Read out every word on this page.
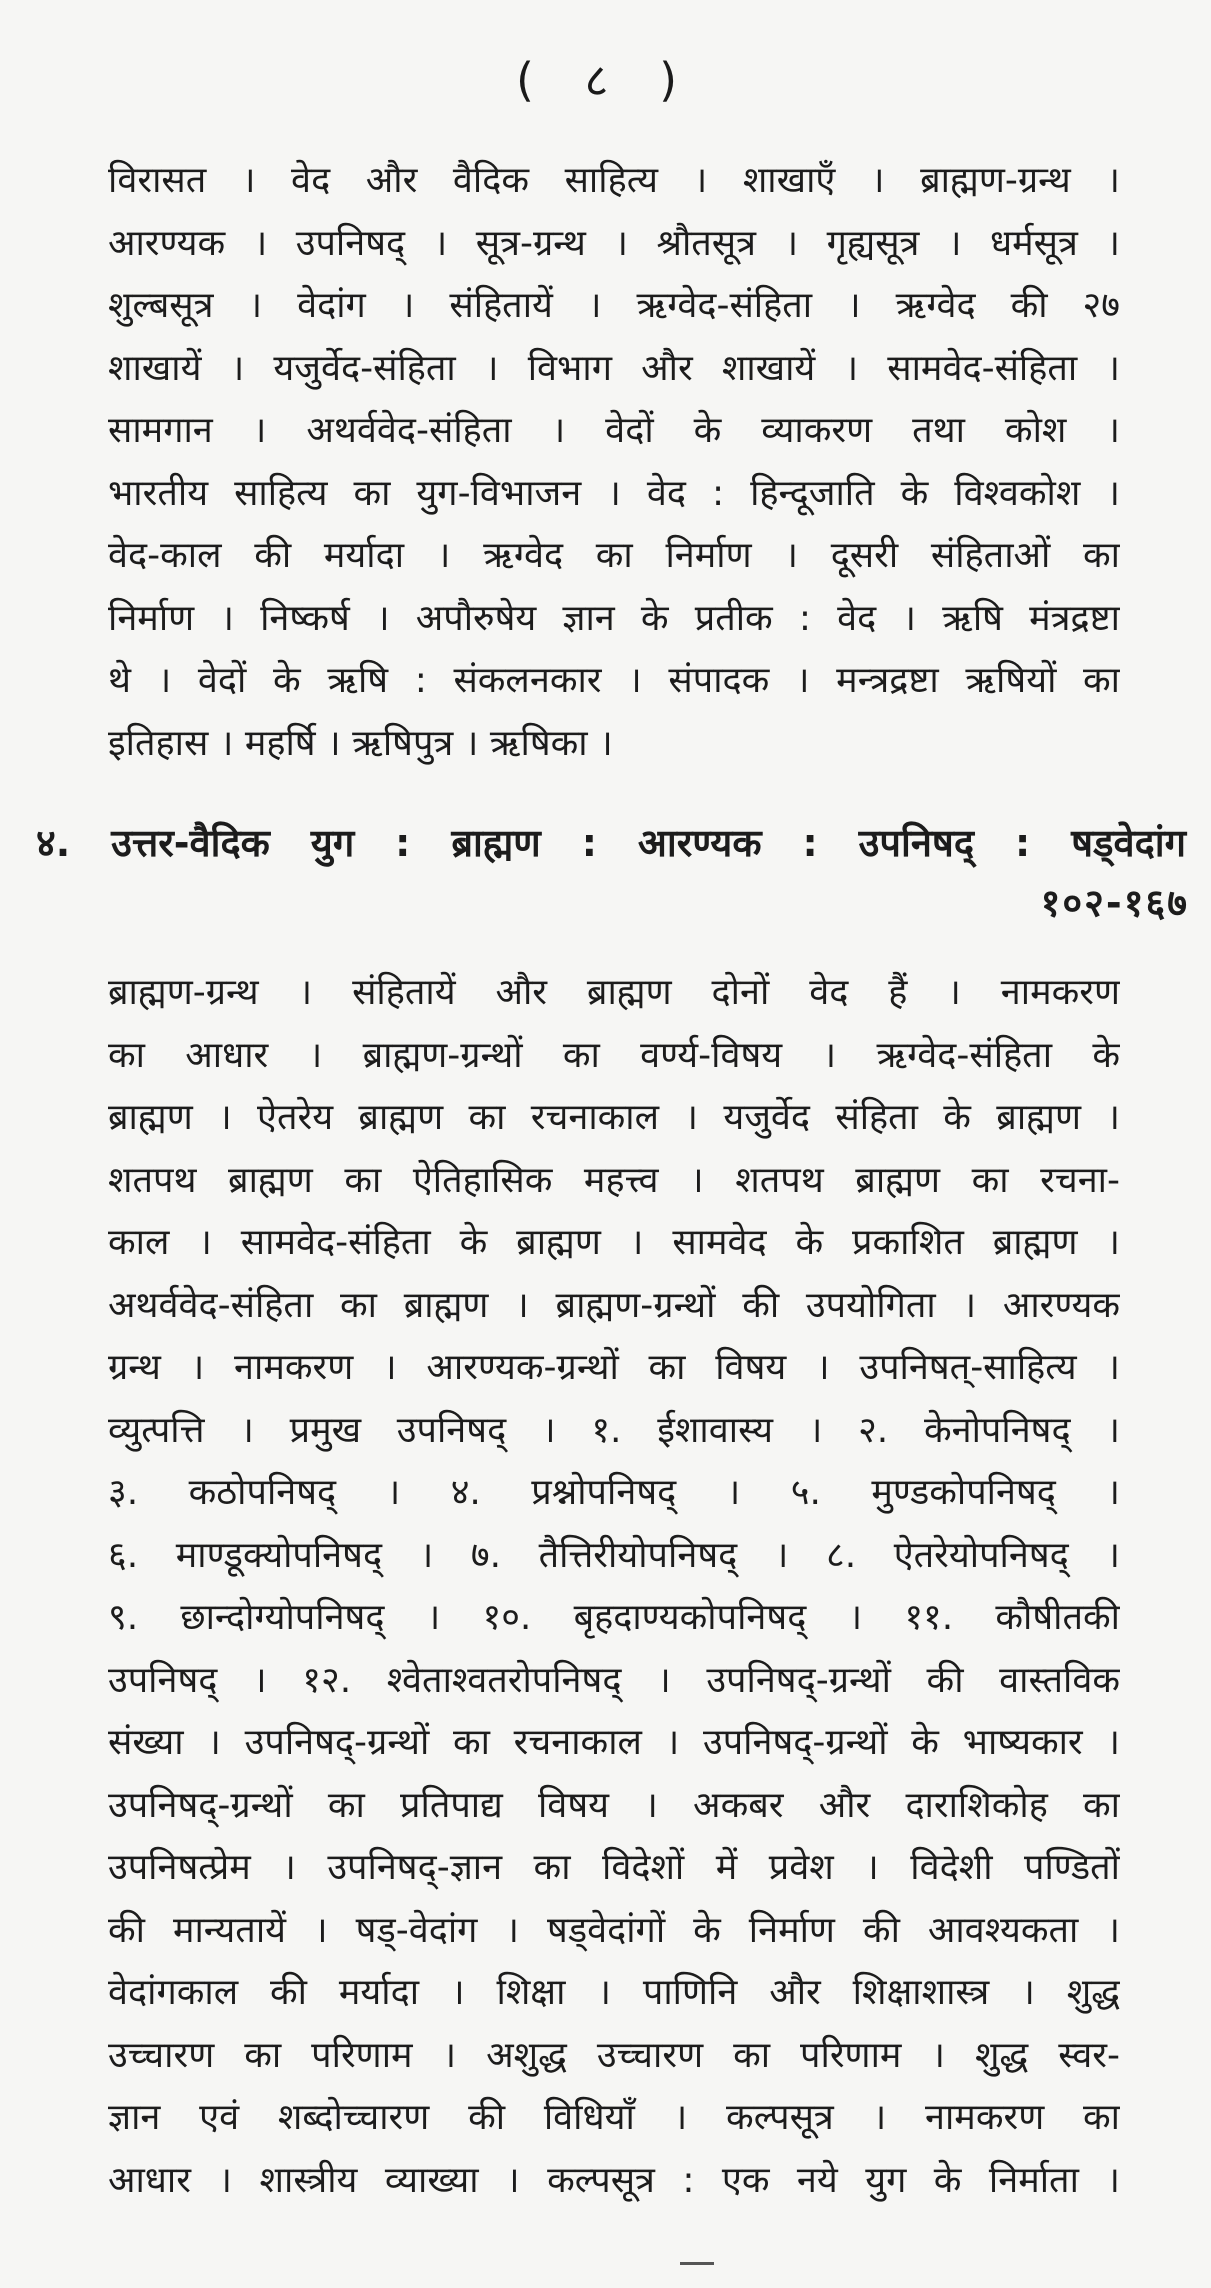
( ८ )
विरासत । वेद और वैदिक साहित्य । शाखाएँ । ब्राह्मण-ग्रन्थ ।
आरण्यक । उपनिषद् । सूत्र-ग्रन्थ । श्रौतसूत्र । गृह्यसूत्र । धर्मसूत्र ।
शुल्बसूत्र । वेदांग । संहितायें । ऋग्वेद-संहिता । ऋग्वेद की २७
शाखायें । यजुर्वेद-संहिता । विभाग और शाखायें । सामवेद-संहिता ।
सामगान । अथर्ववेद-संहिता । वेदों के व्याकरण तथा कोश ।
भारतीय साहित्य का युग-विभाजन । वेद : हिन्दूजाति के विश्वकोश ।
वेद-काल की मर्यादा । ऋग्वेद का निर्माण । दूसरी संहिताओं का
निर्माण । निष्कर्ष । अपौरुषेय ज्ञान के प्रतीक : वेद । ऋषि मंत्रद्रष्टा
थे । वेदों के ऋषि : संकलनकार । संपादक । मन्त्रद्रष्टा ऋषियों का
इतिहास । महर्षि । ऋषिपुत्र । ऋषिका ।
४. उत्तर-वैदिक युग : ब्राह्मण : आरण्यक : उपनिषद् : षड्वेदांग
१०२-१६७
ब्राह्मण-ग्रन्थ । संहितायें और ब्राह्मण दोनों वेद हैं । नामकरण
का आधार । ब्राह्मण-ग्रन्थों का वर्ण्य-विषय । ऋग्वेद-संहिता के
ब्राह्मण । ऐतरेय ब्राह्मण का रचनाकाल । यजुर्वेद संहिता के ब्राह्मण ।
शतपथ ब्राह्मण का ऐतिहासिक महत्त्व । शतपथ ब्राह्मण का रचना-
काल । सामवेद-संहिता के ब्राह्मण । सामवेद के प्रकाशित ब्राह्मण ।
अथर्ववेद-संहिता का ब्राह्मण । ब्राह्मण-ग्रन्थों की उपयोगिता । आरण्यक
ग्रन्थ । नामकरण । आरण्यक-ग्रन्थों का विषय । उपनिषत्-साहित्य ।
व्युत्पत्ति । प्रमुख उपनिषद् । १. ईशावास्य । २. केनोपनिषद् ।
३. कठोपनिषद् । ४. प्रश्नोपनिषद् । ५. मुण्डकोपनिषद् ।
६. माण्डूक्योपनिषद् । ७. तैत्तिरीयोपनिषद् । ८. ऐतरेयोपनिषद् ।
९. छान्दोग्योपनिषद् । १०. बृहदाण्यकोपनिषद् । ११. कौषीतकी
उपनिषद् । १२. श्वेताश्वतरोपनिषद् । उपनिषद्-ग्रन्थों की वास्तविक
संख्या । उपनिषद्-ग्रन्थों का रचनाकाल । उपनिषद्-ग्रन्थों के भाष्यकार ।
उपनिषद्-ग्रन्थों का प्रतिपाद्य विषय । अकबर और दाराशिकोह का
उपनिषत्प्रेम । उपनिषद्-ज्ञान का विदेशों में प्रवेश । विदेशी पण्डितों
की मान्यतायें । षड्-वेदांग । षड्वेदांगों के निर्माण की आवश्यकता ।
वेदांगकाल की मर्यादा । शिक्षा । पाणिनि और शिक्षाशास्त्र । शुद्ध
उच्चारण का परिणाम । अशुद्ध उच्चारण का परिणाम । शुद्ध स्वर-
ज्ञान एवं शब्दोच्चारण की विधियाँ । कल्पसूत्र । नामकरण का
आधार । शास्त्रीय व्याख्या । कल्पसूत्र : एक नये युग के निर्माता ।
